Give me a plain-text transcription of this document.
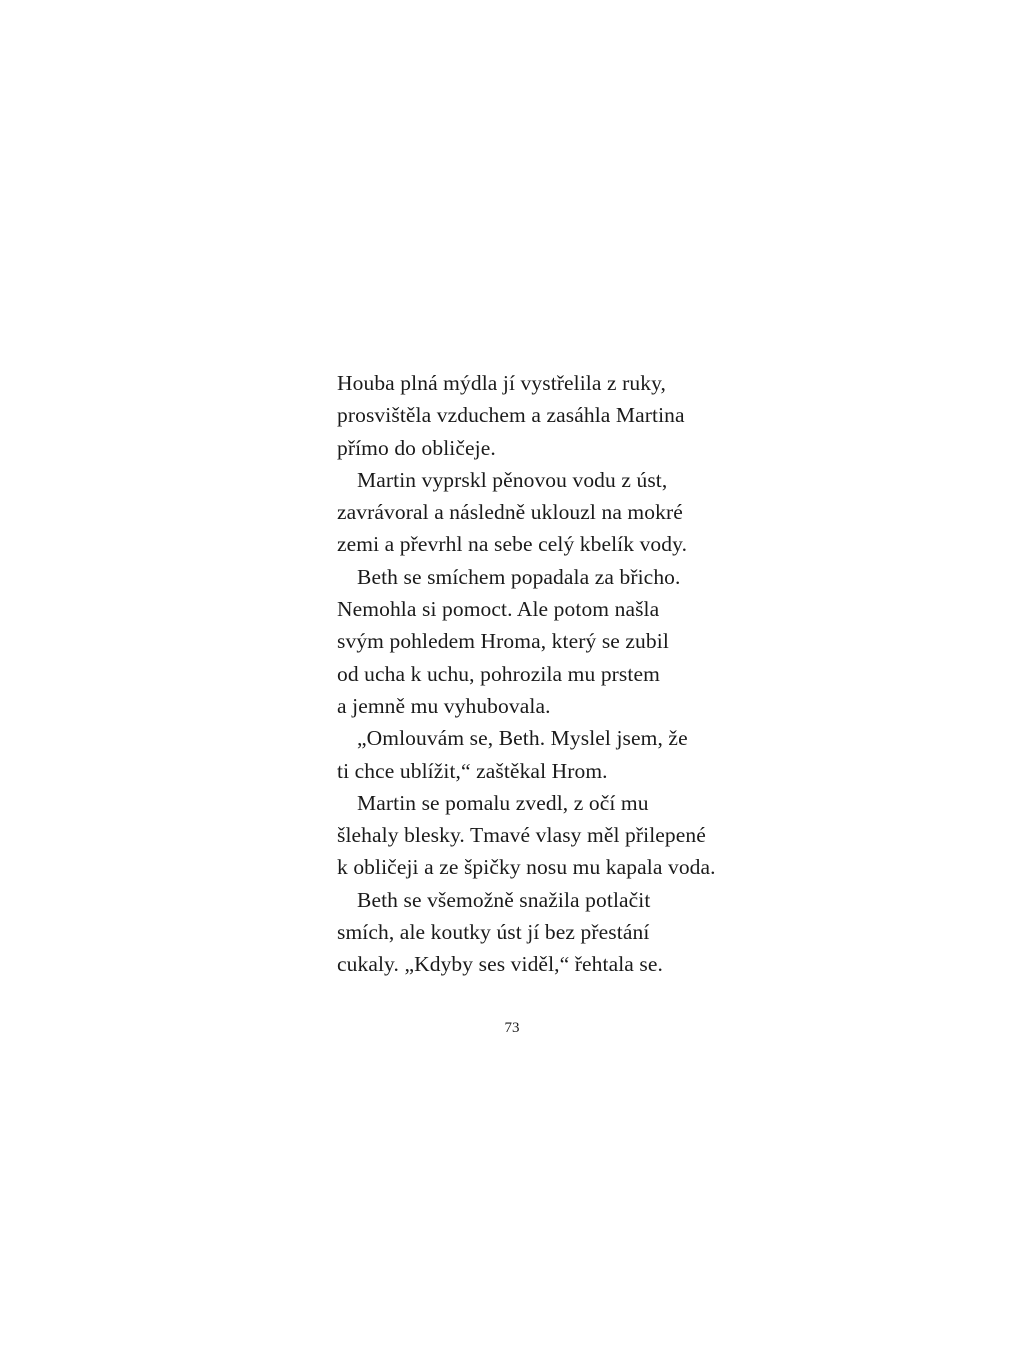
Houba plná mýdla jí vystřelila z ruky,
prosvištěla vzduchem a zasáhla Martina
přímo do obličeje.
Martin vyprskl pěnovou vodu z úst,
zavrávoral a následně uklouzl na mokré
zemi a převrhl na sebe celý kbelík vody.
Beth se smíchem popadala za břicho.
Nemohla si pomoct. Ale potom našla
svým pohledem Hroma, který se zubil
od ucha k uchu, pohrozila mu prstem
a jemně mu vyhubovala.
„Omlouvám se, Beth. Myslel jsem, že
ti chce ublížit,“ zaštěkal Hrom.
Martin se pomalu zvedl, z očí mu
šlehaly blesky. Tmavé vlasy měl přilepené
k obličeji a ze špičky nosu mu kapala voda.
Beth se všemožně snažila potlačit
smích, ale koutky úst jí bez přestání
cukaly. „Kdyby ses viděl,“ řehtala se.
73
